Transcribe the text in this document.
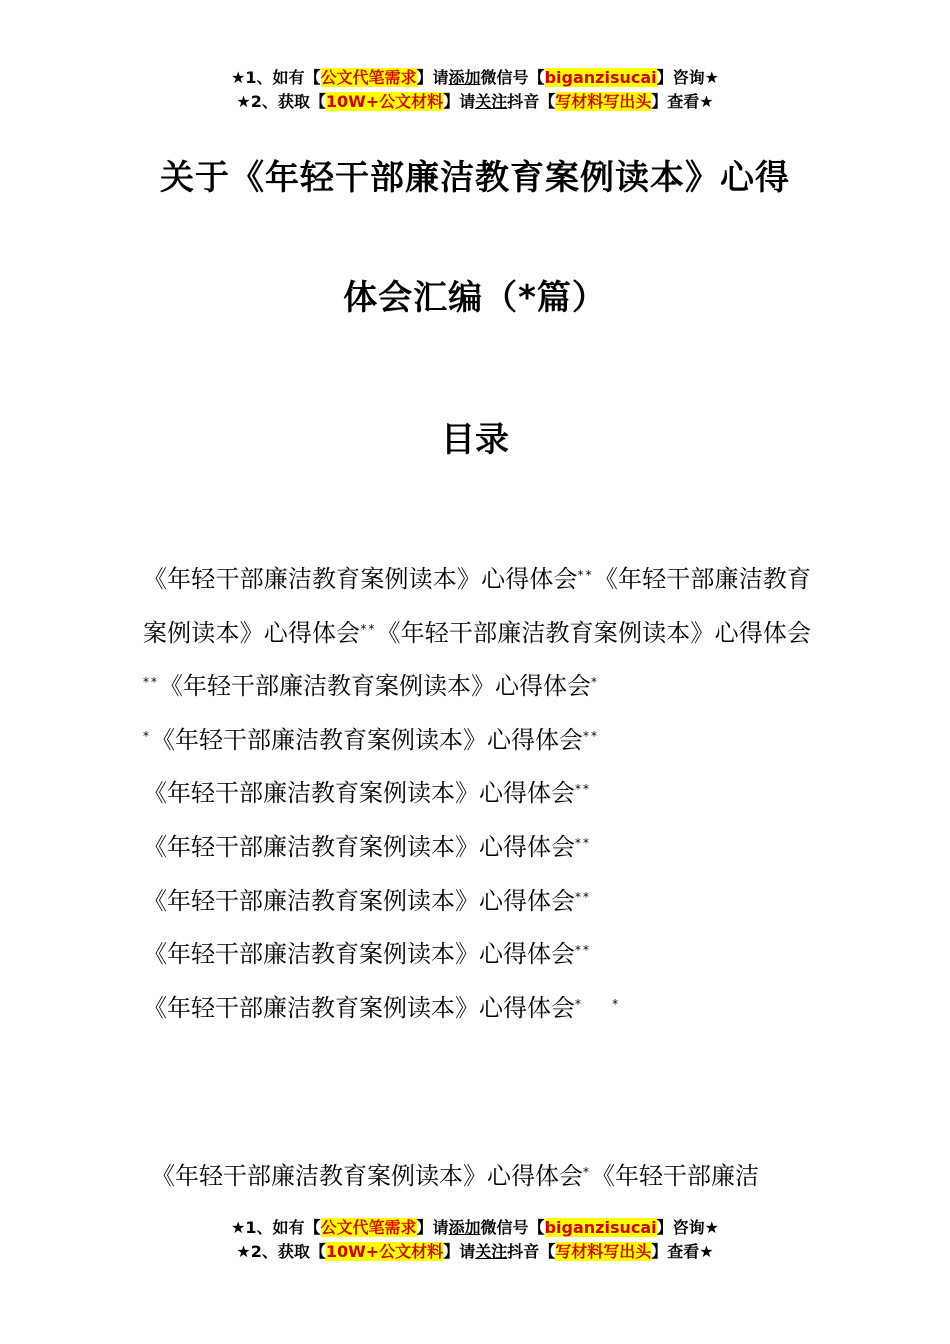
★1、如有【公文代笔需求】请添加微信号【biganzisucai】咨询★
★2、获取【10W+公文材料】请关注抖音【写材料写出头】查看★
关于《年轻干部廉洁教育案例读本》心得
体会汇编（*篇）
目录
《年轻干部廉洁教育案例读本》心得体会**《年轻干部廉洁教育案例读本》心得体会**《年轻干部廉洁教育案例读本》心得体会**《年轻干部廉洁教育案例读本》心得体会*
*《年轻干部廉洁教育案例读本》心得体会**
《年轻干部廉洁教育案例读本》心得体会**
《年轻干部廉洁教育案例读本》心得体会**
《年轻干部廉洁教育案例读本》心得体会**
《年轻干部廉洁教育案例读本》心得体会**
《年轻干部廉洁教育案例读本》心得体会*     *
《年轻干部廉洁教育案例读本》心得体会*《年轻干部廉洁
★1、如有【公文代笔需求】请添加微信号【biganzisucai】咨询★
★2、获取【10W+公文材料】请关注抖音【写材料写出头】查看★
